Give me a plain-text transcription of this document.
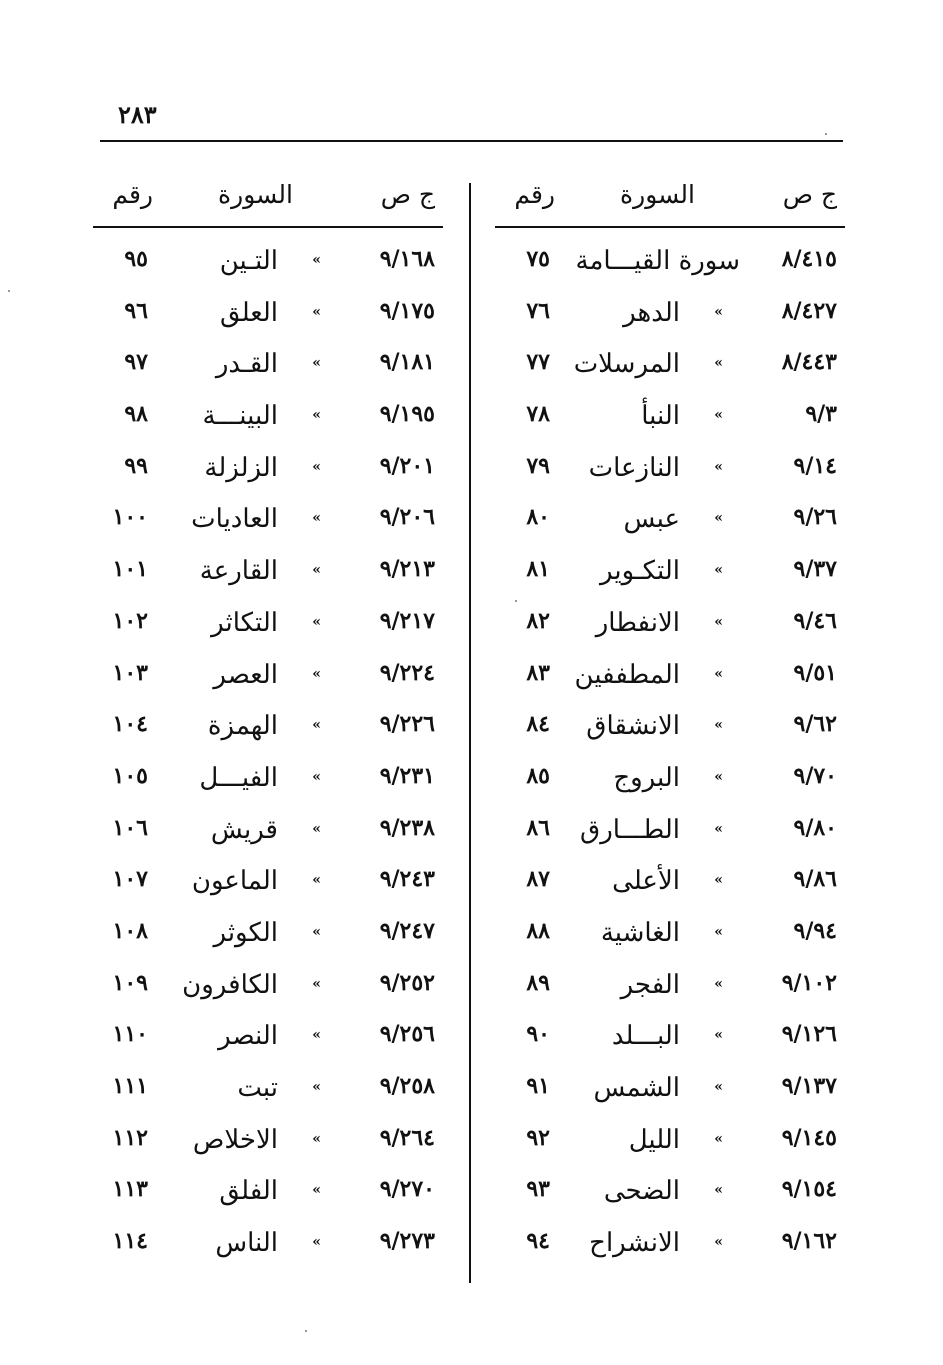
٢٨٣
ج ص
السورة
رقم
٨/٤١٥
سورة القيـــامة
٧٥
٨/٤٢٧
»
الدهر
٧٦
٨/٤٤٣
»
المرسلات
٧٧
٩/٣
»
النبأ
٧٨
٩/١٤
»
النازعات
٧٩
٩/٢٦
»
عبس
٨٠
٩/٣٧
»
التكـوير
٨١
٩/٤٦
»
الانفطار
٨٢
٩/٥١
»
المطففين
٨٣
٩/٦٢
»
الانشقاق
٨٤
٩/٧٠
»
البروج
٨٥
٩/٨٠
»
الطـــارق
٨٦
٩/٨٦
»
الأعلى
٨٧
٩/٩٤
»
الغاشية
٨٨
٩/١٠٢
»
الفجر
٨٩
٩/١٢٦
»
البـــلد
٩٠
٩/١٣٧
»
الشمس
٩١
٩/١٤٥
»
الليل
٩٢
٩/١٥٤
»
الضحى
٩٣
٩/١٦٢
»
الانشراح
٩٤
ج ص
السورة
رقم
٩/١٦٨
»
التـين
٩٥
٩/١٧٥
»
العلق
٩٦
٩/١٨١
»
القـدر
٩٧
٩/١٩٥
»
البينـــة
٩٨
٩/٢٠١
»
الزلزلة
٩٩
٩/٢٠٦
»
العاديات
١٠٠
٩/٢١٣
»
القارعة
١٠١
٩/٢١٧
»
التكاثر
١٠٢
٩/٢٢٤
»
العصر
١٠٣
٩/٢٢٦
»
الهمزة
١٠٤
٩/٢٣١
»
الفيـــل
١٠٥
٩/٢٣٨
»
قريش
١٠٦
٩/٢٤٣
»
الماعون
١٠٧
٩/٢٤٧
»
الكوثر
١٠٨
٩/٢٥٢
»
الكافرون
١٠٩
٩/٢٥٦
»
النصر
١١٠
٩/٢٥٨
»
تبت
١١١
٩/٢٦٤
»
الاخلاص
١١٢
٩/٢٧٠
»
الفلق
١١٣
٩/٢٧٣
»
الناس
١١٤
